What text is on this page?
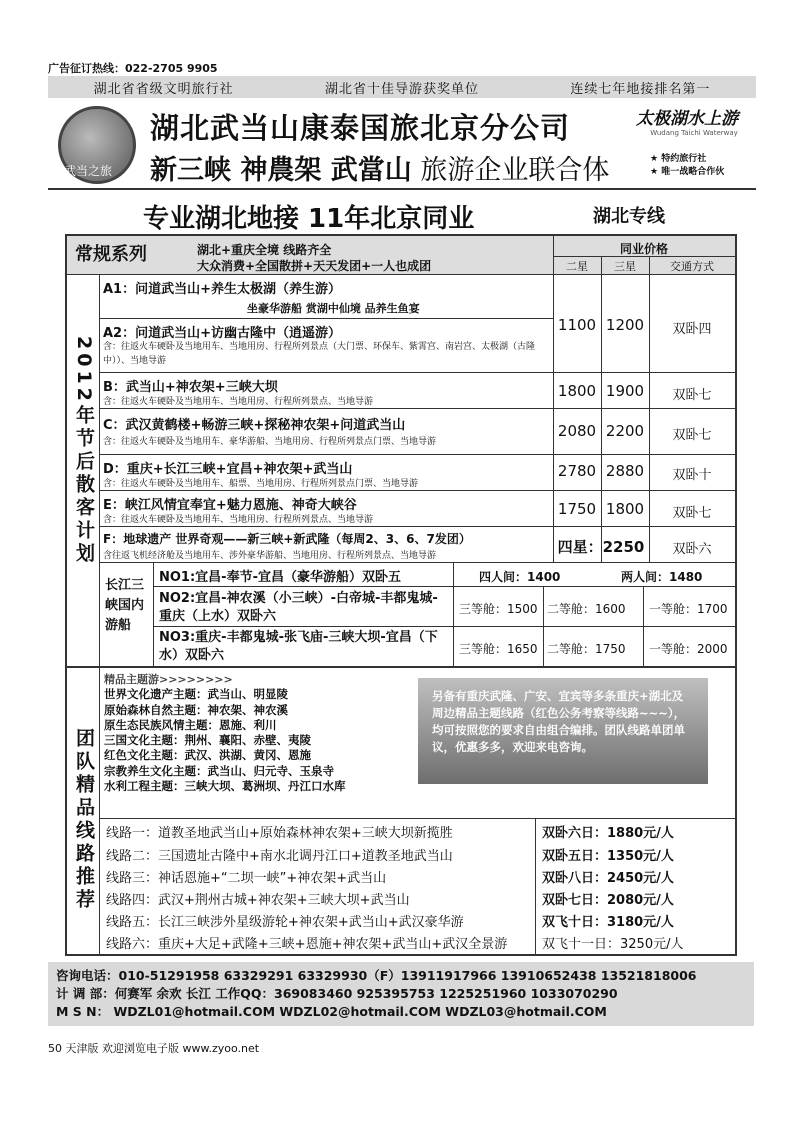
广告征订热线：022-2705 9905
湖北省省级文明旅行社	湖北省十佳导游获奖单位	连续七年地接排名第一
武当之旅
湖北武当山康泰国旅北京分公司
新三峡 神農架 武當山 旅游企业联合体
太极湖水上游
Wudang Taichi Waterway
★ 特约旅行社
★ 唯一战略合作伙
专业湖北地接 11年北京同业	湖北专线
常规系列	湖北+重庆全境 线路齐全
大众消费+全国散拼+天天发团+一人也成团
同业价格
二星	三星	交通方式
2012年节后散客计划
A1：问道武当山+养生太极湖（养生游）
坐豪华游船 赏湖中仙境 品养生鱼宴
A2：问道武当山+访幽古隆中（逍遥游）
含：往返火车硬卧及当地用车、当地用房、行程所列景点（大门票、环保车、紫霄宫、南岩宫、太极湖（古隆中））、当地导游
1100 1200	双卧四
B：武当山+神农架+三峡大坝
含：往返火车硬卧及当地用车、当地用房、行程所列景点、当地导游
1800 1900	双卧七
C：武汉黄鹤楼+畅游三峡+探秘神农架+问道武当山
含：往返火车硬卧及当地用车、豪华游船、当地用房、行程所列景点门票、当地导游
2080 2200	双卧七
D：重庆+长江三峡+宜昌+神农架+武当山
含：往返火车硬卧及当地用车、船票、当地用房、行程所列景点门票、当地导游
2780 2880	双卧十
E：峡江风情宜奉宜+魅力恩施、神奇大峡谷
含：往返火车硬卧及当地用车、当地用房、行程所列景点、当地导游
1750 1800	双卧七
F：地球遗产 世界奇观——新三峡+新武隆（每周2、3、6、7发团）
含往返飞机经济舱及当地用车、涉外豪华游船、当地用房、行程所列景点、当地导游	四星：2250	双卧六
长江三峡国内游船
NO1:宜昌-奉节-宜昌（豪华游船）双卧五	四人间：1400	两人间：1480
NO2:宜昌-神农溪（小三峡）-白帝城-丰都鬼城-重庆（上水）双卧六	三等舱：1500 二等舱：1600 一等舱：1700
NO3:重庆-丰都鬼城-张飞庙-三峡大坝-宜昌（下水）双卧六	三等舱：1650 二等舱：1750 一等舱：2000
团队精品线路推荐
精品主题游>>>>>>>>
世界文化遗产主题：武当山、明显陵
原始森林自然主题：神农架、神农溪
原生态民族风情主题：恩施、利川
三国文化主题：荆州、襄阳、赤壁、夷陵
红色文化主题：武汉、洪湖、黄冈、恩施
宗教养生文化主题：武当山、归元寺、玉泉寺
水利工程主题：三峡大坝、葛洲坝、丹江口水库
另备有重庆武隆、广安、宜宾等多条重庆+湖北及周边精品主题线路（红色公务考察等线路~~~），均可按照您的要求自由组合编排。团队线路单团单议，优惠多多，欢迎来电咨询。
线路一：道教圣地武当山+原始森林神农架+三峡大坝新揽胜	双卧六日：1880元/人
线路二：三国遗址古隆中+南水北调丹江口+道教圣地武当山	双卧五日：1350元/人
线路三：神话恩施+“二坝一峡”+神农架+武当山	双卧八日：2450元/人
线路四：武汉+荆州古城+神农架+三峡大坝+武当山	双卧七日：2080元/人
线路五：长江三峡涉外星级游轮+神农架+武当山+武汉豪华游	双飞十日：3180元/人
线路六：重庆+大足+武隆+三峡+恩施+神农架+武当山+武汉全景游	双飞十一日：3250元/人
咨询电话：010-51291958 63329291 63329930（F）13911917966 13910652438 13521818006
计 调 部：何赛军 余欢 长江 工作QQ：369083460 925395753 1225251960 1033070290
M S N： WDZL01@hotmail.COM WDZL02@hotmail.COM WDZL03@hotmail.COM
50 天津版 欢迎浏览电子版 www.zyoo.net
